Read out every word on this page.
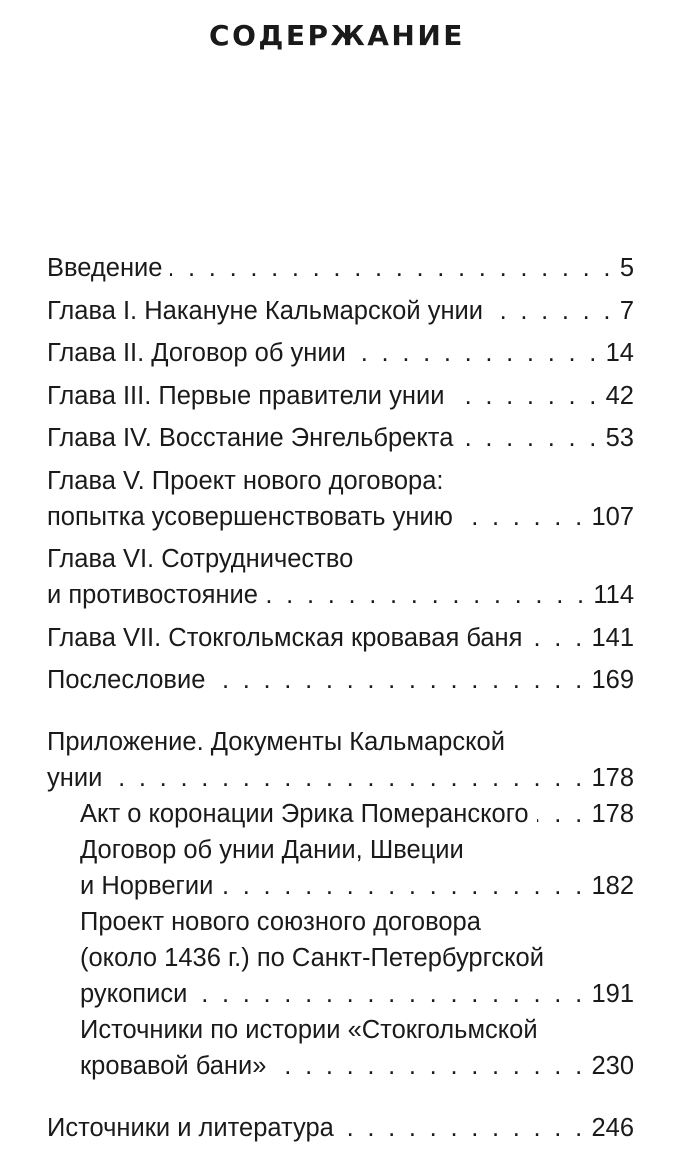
СОДЕРЖАНИЕ
Введение . . .	5
Глава I. Накануне Кальмарской унии . . .	7
Глава II. Договор об унии . . .	14
Глава III. Первые правители унии . . .	42
Глава IV. Восстание Энгельбректа . . .	53
Глава V. Проект нового договора:
попытка усовершенствовать унию . . .	107
Глава VI. Сотрудничество
и противостояние . . .	114
Глава VII. Стокгольмская кровавая баня . . .	141
Послесловие . . .	169
Приложение. Документы Кальмарской
унии . . .	178
Акт о коронации Эрика Померанского . . . 178
Договор об унии Дании, Швеции
и Норвегии . . .	182
Проект нового союзного договора
(около 1436 г.) по Санкт-Петербургской
рукописи . . .	191
Источники по истории «Стокгольмской
кровавой бани» . . .	230
Источники и литература . . .	246
